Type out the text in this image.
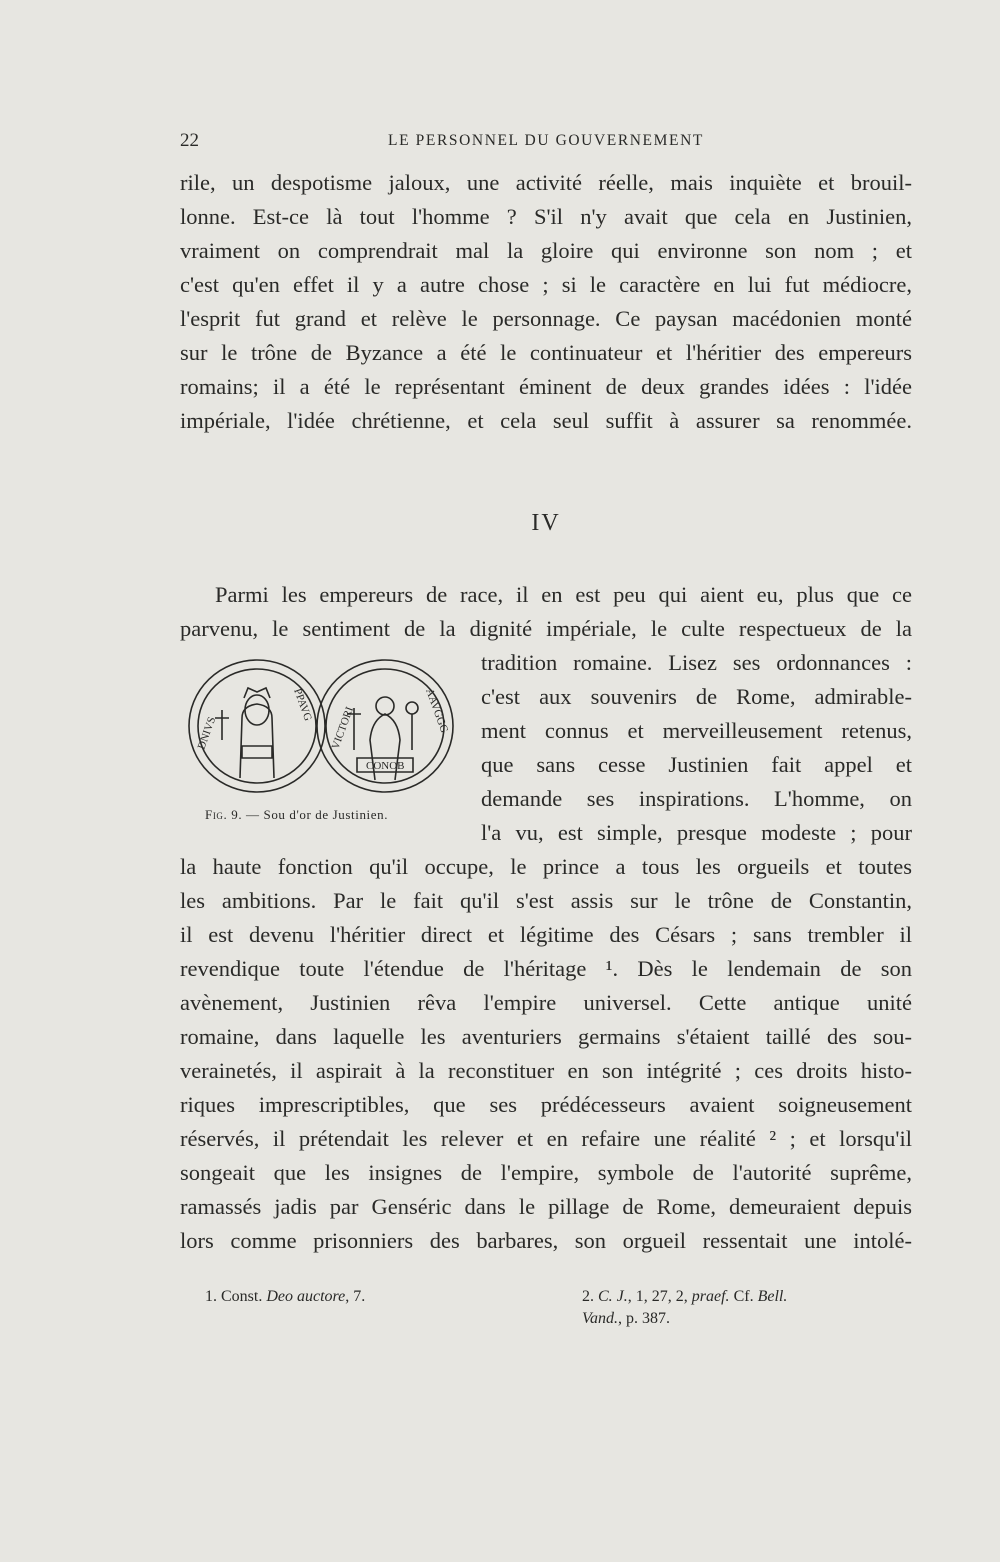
22	LE PERSONNEL DU GOUVERNEMENT
rile, un despotisme jaloux, une activité réelle, mais inquiète et brouil-
lonne. Est-ce là tout l'homme ? S'il n'y avait que cela en Justinien,
vraiment on comprendrait mal la gloire qui environne son nom ; et
c'est qu'en effet il y a autre chose ; si le caractère en lui fut médiocre,
l'esprit fut grand et relève le personnage. Ce paysan macédonien monté
sur le trône de Byzance a été le continuateur et l'héritier des empereurs
romains; il a été le représentant éminent de deux grandes idées : l'idée
impériale, l'idée chrétienne, et cela seul suffit à assurer sa renommée.
IV
Parmi les empereurs de race, il en est peu qui aient eu, plus que ce
parvenu, le sentiment de la dignité impériale, le culte respectueux de la
DNIVS
PPAVG
VICTORI	AAVGGG
CONOB
Fig. 9. — Sou d'or de Justinien.
tradition romaine. Lisez ses ordonnances :
c'est aux souvenirs de Rome, admirable-
ment connus et merveilleusement retenus,
que sans cesse Justinien fait appel et
demande ses inspirations. L'homme, on
l'a vu, est simple, presque modeste ; pour
la haute fonction qu'il occupe, le prince a tous les orgueils et toutes
les ambitions. Par le fait qu'il s'est assis sur le trône de Constantin,
il est devenu l'héritier direct et légitime des Césars ; sans trembler il
revendique toute l'étendue de l'héritage ¹. Dès le lendemain de son
avènement, Justinien rêva l'empire universel. Cette antique unité
romaine, dans laquelle les aventuriers germains s'étaient taillé des sou-
verainetés, il aspirait à la reconstituer en son intégrité ; ces droits histo-
riques imprescriptibles, que ses prédécesseurs avaient soigneusement
réservés, il prétendait les relever et en refaire une réalité ² ; et lorsqu'il
songeait que les insignes de l'empire, symbole de l'autorité suprême,
ramassés jadis par Genséric dans le pillage de Rome, demeuraient depuis
lors comme prisonniers des barbares, son orgueil ressentait une intolé-
1. Const. Deo auctore, 7.	2. C. J., 1, 27, 2, praef. Cf. Bell.
Vand., p. 387.
